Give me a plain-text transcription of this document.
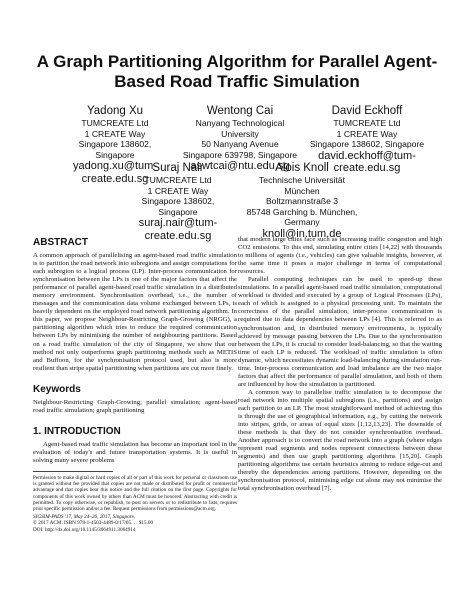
A Graph Partitioning Algorithm for Parallel Agent-Based Road Traffic Simulation
Yadong Xu
TUMCREATE Ltd
1 CREATE Way
Singapore 138602, Singapore
yadong.xu@tum-
create.edu.sg
Wentong Cai
Nanyang Technological
University
50 Nanyang Avenue
Singapore 639798, Singapore
aswtcai@ntu.edu.sg
David Eckhoff
TUMCREATE Ltd
1 CREATE Way
Singapore 138602, Singapore
david.eckhoff@tum-
create.edu.sg
Suraj Nair
TUMCREATE Ltd
1 CREATE Way
Singapore 138602, Singapore
suraj.nair@tum-
create.edu.sg
Alois Knoll
Technische Universität
München
Boltzmannstraße 3
85748 Garching b. München,
Germany
knoll@in.tum.de
ABSTRACT

A common approach of parallelising an agent-based road traffic simulation is to partition the road network into subregions and assign computations for each subregion to a logical process (LP). Inter-process communication for synchronisation between the LPs is one of the major factors that affect the performance of parallel agent-based road traffic simulation in a distributed memory environment. Synchronisation overhead, i.e., the number of messages and the communication data volume exchanged between LPs, is heavily dependent on the employed road network partitioning algorithm. In this paper, we propose Neighbour-Restricting Graph-Growing (NRGG), a partitioning algorithm which tries to reduce the required communication between LPs by minimising the number of neighbouring partitions. Based on a road traffic simulation of the city of Singapore, we show that our method not only outperforms graph partitioning methods such as METIS and Buffoon, for the synchronisation protocol used, but also is more resilient than stripe spatial partitioning when partitions are cut more finely.

Keywords

Neighbour-Restricting Graph-Growing; parallel simulation; agent-based road traffic simulation; graph partitioning

1. INTRODUCTION

Agent-based road traffic simulation has become an important tool in the evaluation of today's and future transportation systems. It is useful in solving many severe problems

Permission to make digital or hard copies of all or part of this work for personal or classroom use is granted without fee provided that copies are not made or distributed for profit or commercial advantage and that copies bear this notice and the full citation on the first page. Copyrights for components of this work owned by others than ACM must be honored. Abstracting with credit is permitted. To copy otherwise, or republish, to post on servers or to redistribute to lists, requires prior specific permission and/or a fee. Request permissions from permissions@acm.org.

SIGSIM-PADS '17, May 24–26, 2017, Singapore.

© 2017 ACM. ISBN 978-1-4503-4489-0/17/05. . . $15.00

DOI: http://dx.doi.org/10.1145/3064911.3064914

that modern large cities face such as increasing traffic congestion and high CO2 emissions. To this end, simulating entire cities [14,22] with thousands to millions of agents (i.e., vehicles) can give valuable insights, however, at the same time it poses a major challenge in terms of computational resources.

Parallel computing techniques can be used to speed-up these simulations. In a parallel agent-based road traffic simulation, computational workload is divided and executed by a group of Logical Processes (LPs), each of which is assigned to a physical processing unit. To maintain the correctness of the parallel simulation, inter-process communication is required due to data dependencies between LPs [4]. This is referred to as synchronisation and, in distributed memory environments, is typically achieved by message passing between the LPs. Due to the synchronisation between the LPs, it is crucial to consider load-balancing, so that the waiting time of each LP is reduced. The workload of traffic simulation is often dynamic, which necessitates dynamic load-balancing during simulation run-time. Inter-process communication and load imbalance are the two major factors that affect the performance of parallel simulation, and both of them are influenced by how the simulation is partitioned.

A common way to parallelise traffic simulation is to decompose the road network into multiple spatial subregions (i.e., partitions) and assign each partition to an LP. The most straightforward method of achieving this is through the use of geographical information, e.g., by cutting the network into stripes, grids, or areas of equal sizes [1,12,13,23]. The downside of these methods is that they do not consider synchronisation overhead. Another approach is to convert the road network into a graph (where edges represent road segments and nodes represent connections between these segments) and then use graph partitioning algorithms [15,20]. Graph partitioning algorithms use certain heuristics aiming to reduce edge-cut and thereby the dependencies among partitions. However, depending on the synchronisation protocol, minimising edge cut alone may not minimise the total synchronisation overhead [7].
